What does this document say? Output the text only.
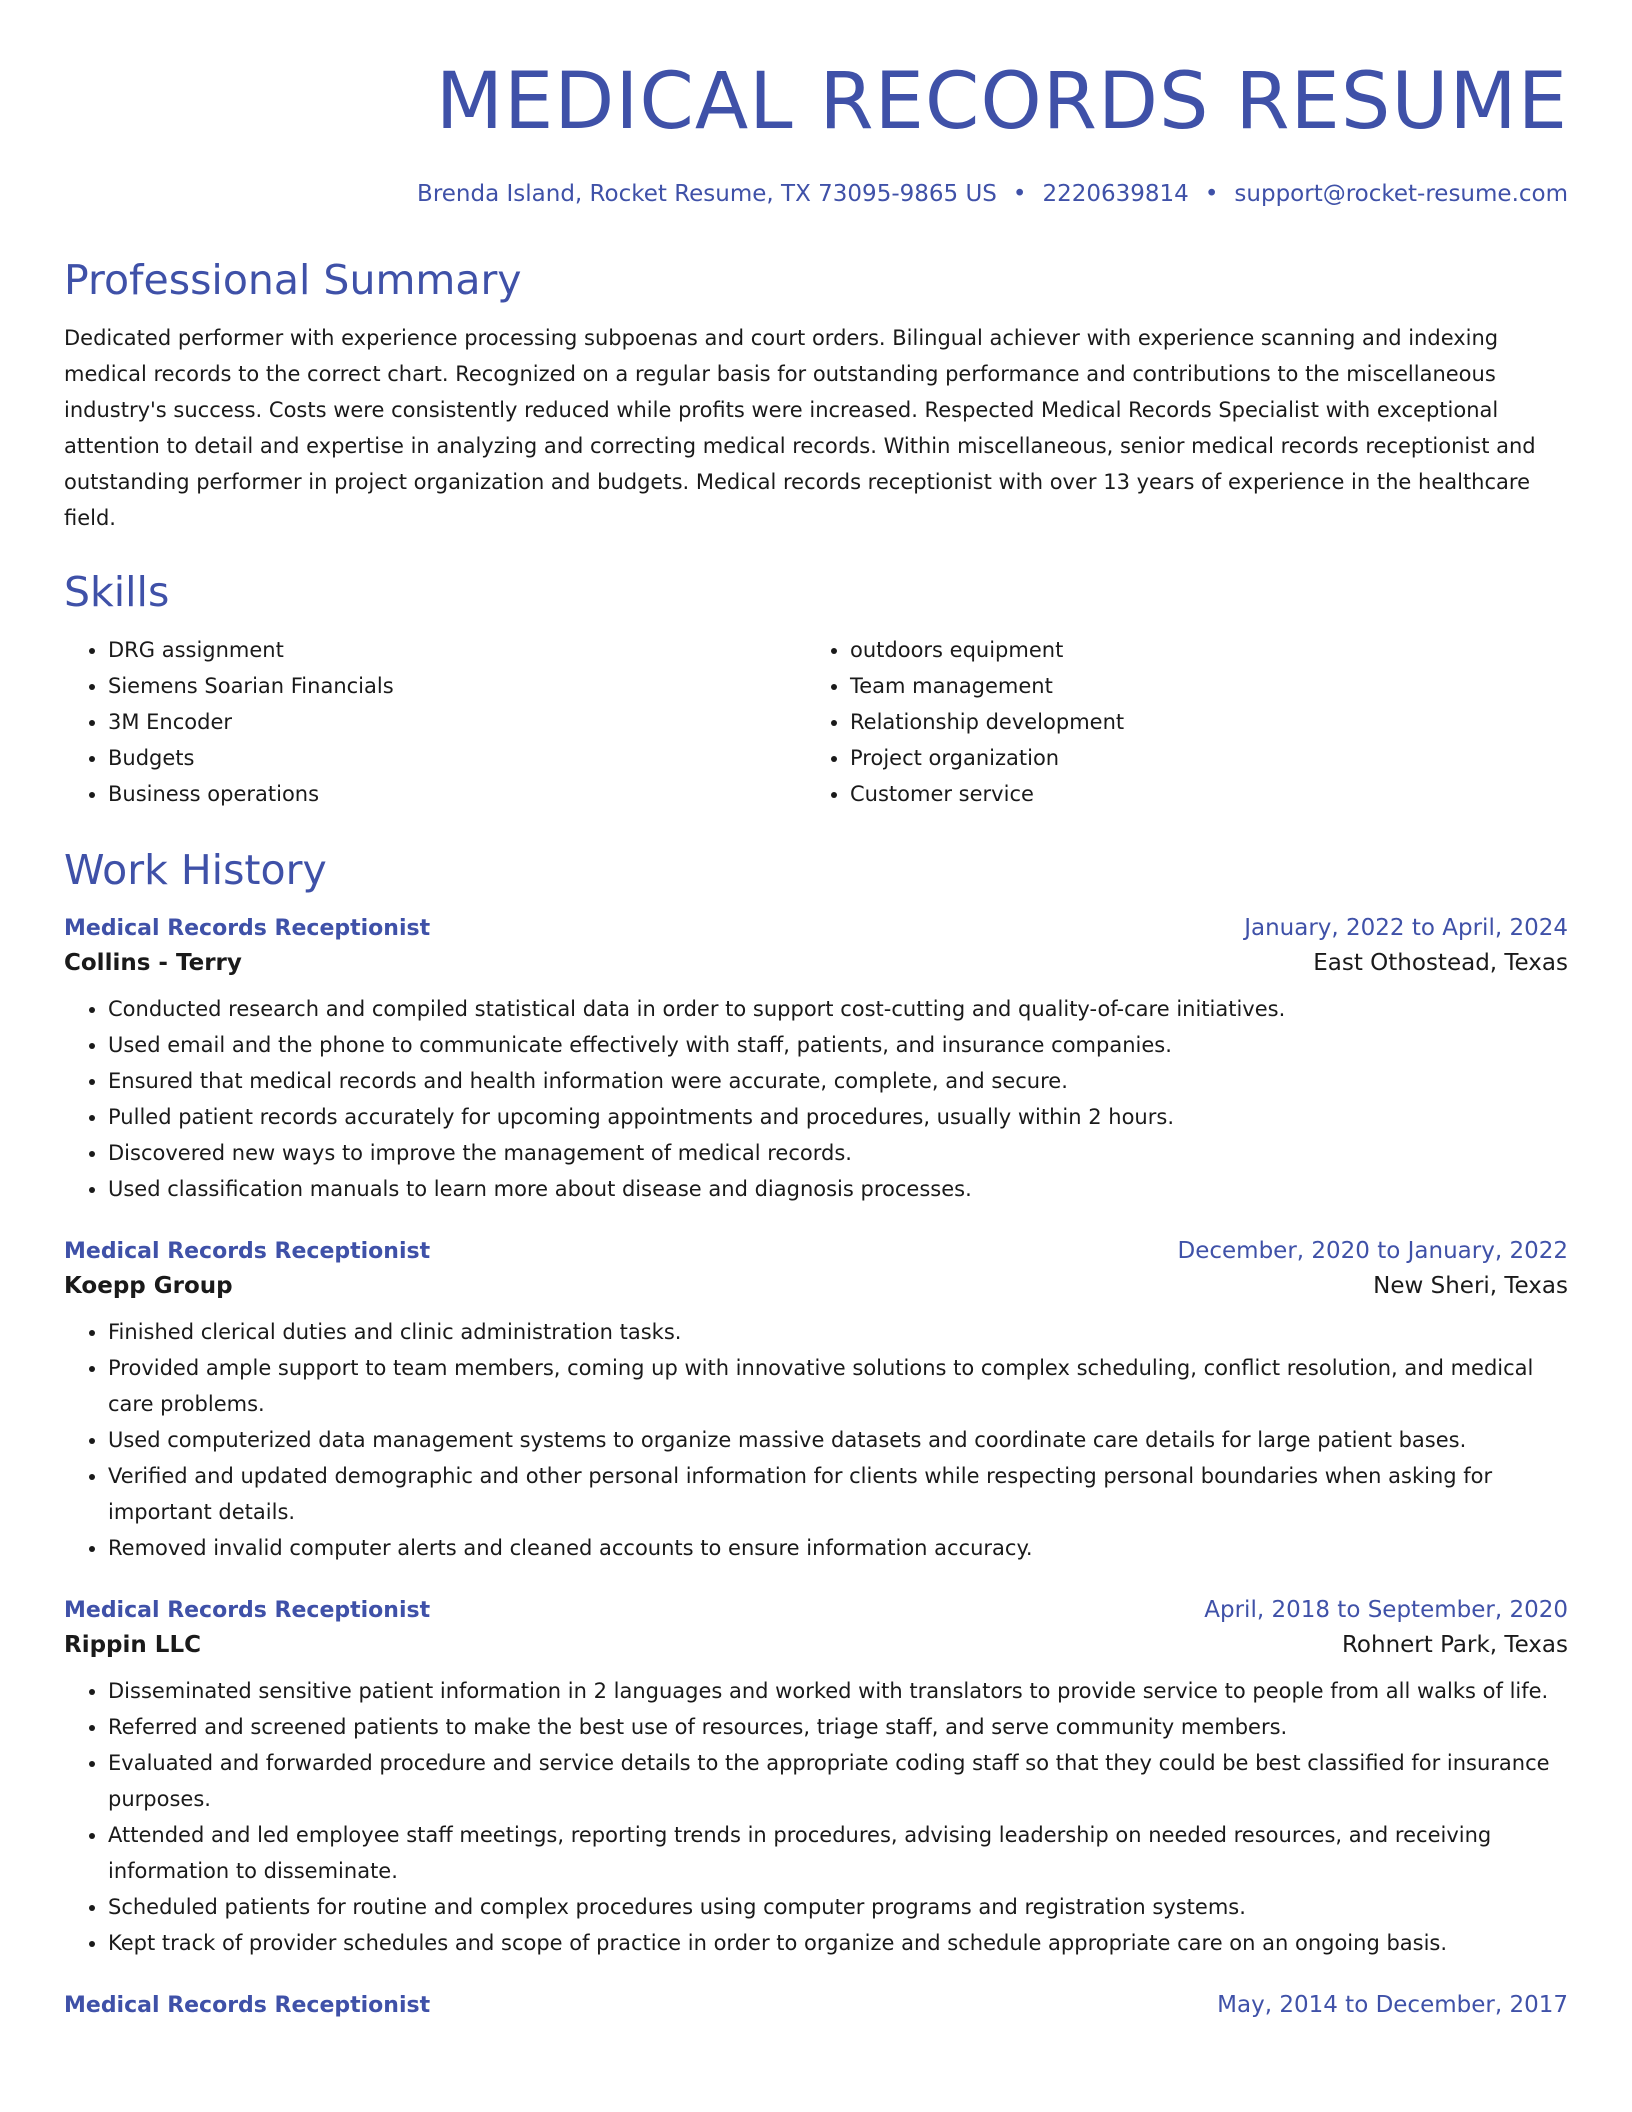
MEDICAL RECORDS RESUME
Brenda Island, Rocket Resume, TX 73095-9865 US • 2220639814 • support@rocket-resume.com
Professional Summary

Dedicated performer with experience processing subpoenas and court orders. Bilingual achiever with experience scanning and indexing medical records to the correct chart. Recognized on a regular basis for outstanding performance and contributions to the miscellaneous industry's success. Costs were consistently reduced while profits were increased. Respected Medical Records Specialist with exceptional attention to detail and expertise in analyzing and correcting medical records. Within miscellaneous, senior medical records receptionist and outstanding performer in project organization and budgets. Medical records receptionist with over 13 years of experience in the healthcare field.

Skills
• DRG assignment
• Siemens Soarian Financials
• 3M Encoder
• Budgets
• Business operations
• outdoors equipment
• Team management
• Relationship development
• Project organization
• Customer service
Work History
Medical Records Receptionist	January, 2022 to April, 2024
Collins - Terry	East Othostead, Texas
• Conducted research and compiled statistical data in order to support cost-cutting and quality-of-care initiatives.
• Used email and the phone to communicate effectively with staff, patients, and insurance companies.
• Ensured that medical records and health information were accurate, complete, and secure.
• Pulled patient records accurately for upcoming appointments and procedures, usually within 2 hours.
• Discovered new ways to improve the management of medical records.
• Used classification manuals to learn more about disease and diagnosis processes.
Medical Records Receptionist	December, 2020 to January, 2022
Koepp Group	New Sheri, Texas
• Finished clerical duties and clinic administration tasks.
• Provided ample support to team members, coming up with innovative solutions to complex scheduling, conflict resolution, and medical care problems.
• Used computerized data management systems to organize massive datasets and coordinate care details for large patient bases.
• Verified and updated demographic and other personal information for clients while respecting personal boundaries when asking for important details.
• Removed invalid computer alerts and cleaned accounts to ensure information accuracy.
Medical Records Receptionist	April, 2018 to September, 2020
Rippin LLC	Rohnert Park, Texas
• Disseminated sensitive patient information in 2 languages and worked with translators to provide service to people from all walks of life.
• Referred and screened patients to make the best use of resources, triage staff, and serve community members.
• Evaluated and forwarded procedure and service details to the appropriate coding staff so that they could be best classified for insurance purposes.
• Attended and led employee staff meetings, reporting trends in procedures, advising leadership on needed resources, and receiving information to disseminate.
• Scheduled patients for routine and complex procedures using computer programs and registration systems.
• Kept track of provider schedules and scope of practice in order to organize and schedule appropriate care on an ongoing basis.
Medical Records Receptionist	May, 2014 to December, 2017
